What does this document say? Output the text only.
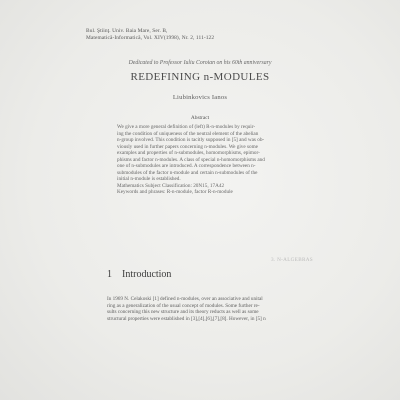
Bul. Ştiinţ. Univ. Baia Mare, Ser. B,
Matematică-Informatică, Vol. XIV(1998), Nr. 2, 111-122
Dedicated to Professor Iuliu Coroian on his 60th anniversary
REDEFINING n-MODULES
Liubinkovics Ianos
Abstract
We give a more general definition of (left) R-n-modules by requir-
ing the condition of uniqueness of the neutral element of the abelian
n-group involved. This condition is tacitly supposed in [5] and was ob-
viously used in further papers concerning n-modules. We give some
examples and properties of n-submodules, homomorphisms, epimor-
phisms and factor n-modules. A class of special n-homomorphisms and
one of n-submodules are introduced. A correspondence between n-
submodules of the factor n-module and certain n-submodules of the
initial n-module is established.
Mathematics Subject Classification: 20N15, 17A42
Keywords and phrases: R-n-module, factor R-n-module
3. N-ALGEBRAS
1 Introduction
In 1969 N. Celakoski [1] defined n-modules, over an associative and unital
ring as a generalization of the usual concept of modules. Some further re-
sults concerning this new structure and its theory reducts as well as some
structural properties were established in [3],[4],[6],[7],[8]. However, in [5] n
